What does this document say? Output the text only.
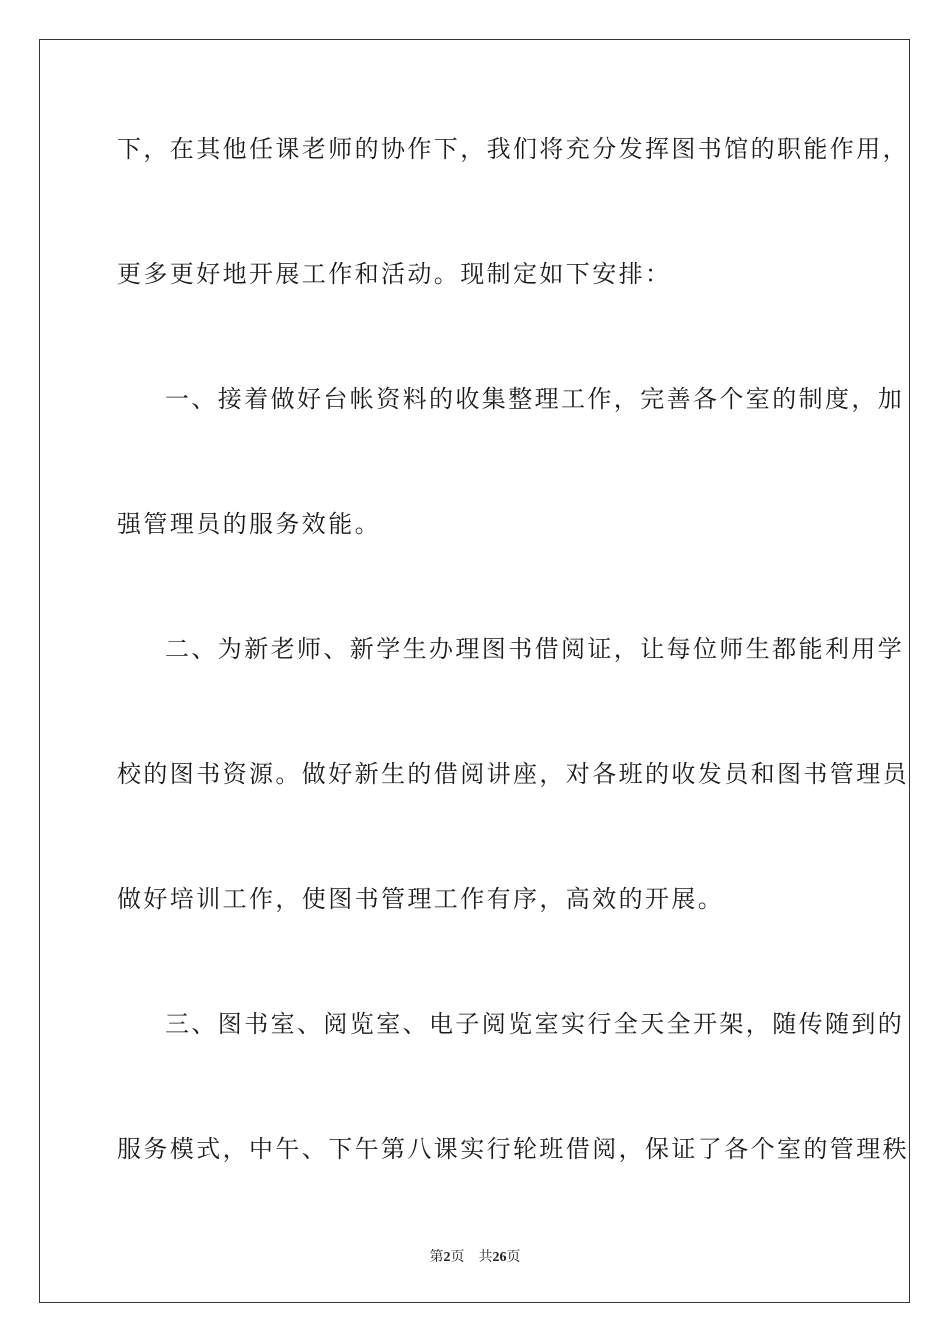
下，在其他任课老师的协作下，我们将充分发挥图书馆的职能作用，
更多更好地开展工作和活动。现制定如下安排：
一、接着做好台帐资料的收集整理工作，完善各个室的制度，加
强管理员的服务效能。
二、为新老师、新学生办理图书借阅证，让每位师生都能利用学
校的图书资源。做好新生的借阅讲座，对各班的收发员和图书管理员
做好培训工作，使图书管理工作有序，高效的开展。
三、图书室、阅览室、电子阅览室实行全天全开架，随传随到的
服务模式，中午、下午第八课实行轮班借阅，保证了各个室的管理秩
第2页 共26页
